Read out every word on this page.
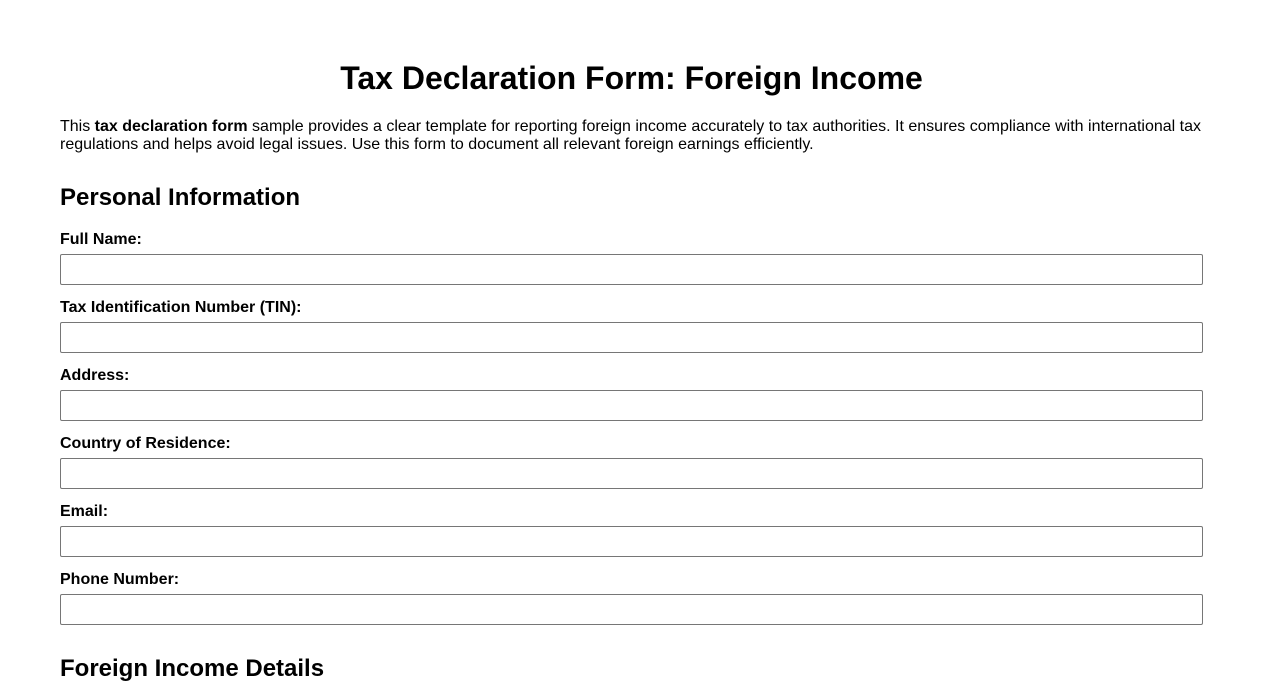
Tax Declaration Form: Foreign Income

This tax declaration form sample provides a clear template for reporting foreign income accurately to tax authorities. It ensures compliance with international tax regulations and helps avoid legal issues. Use this form to document all relevant foreign earnings efficiently.

Personal Information
Full Name:
Tax Identification Number (TIN):
Address:
Country of Residence:
Email:
Phone Number:
Foreign Income Details
